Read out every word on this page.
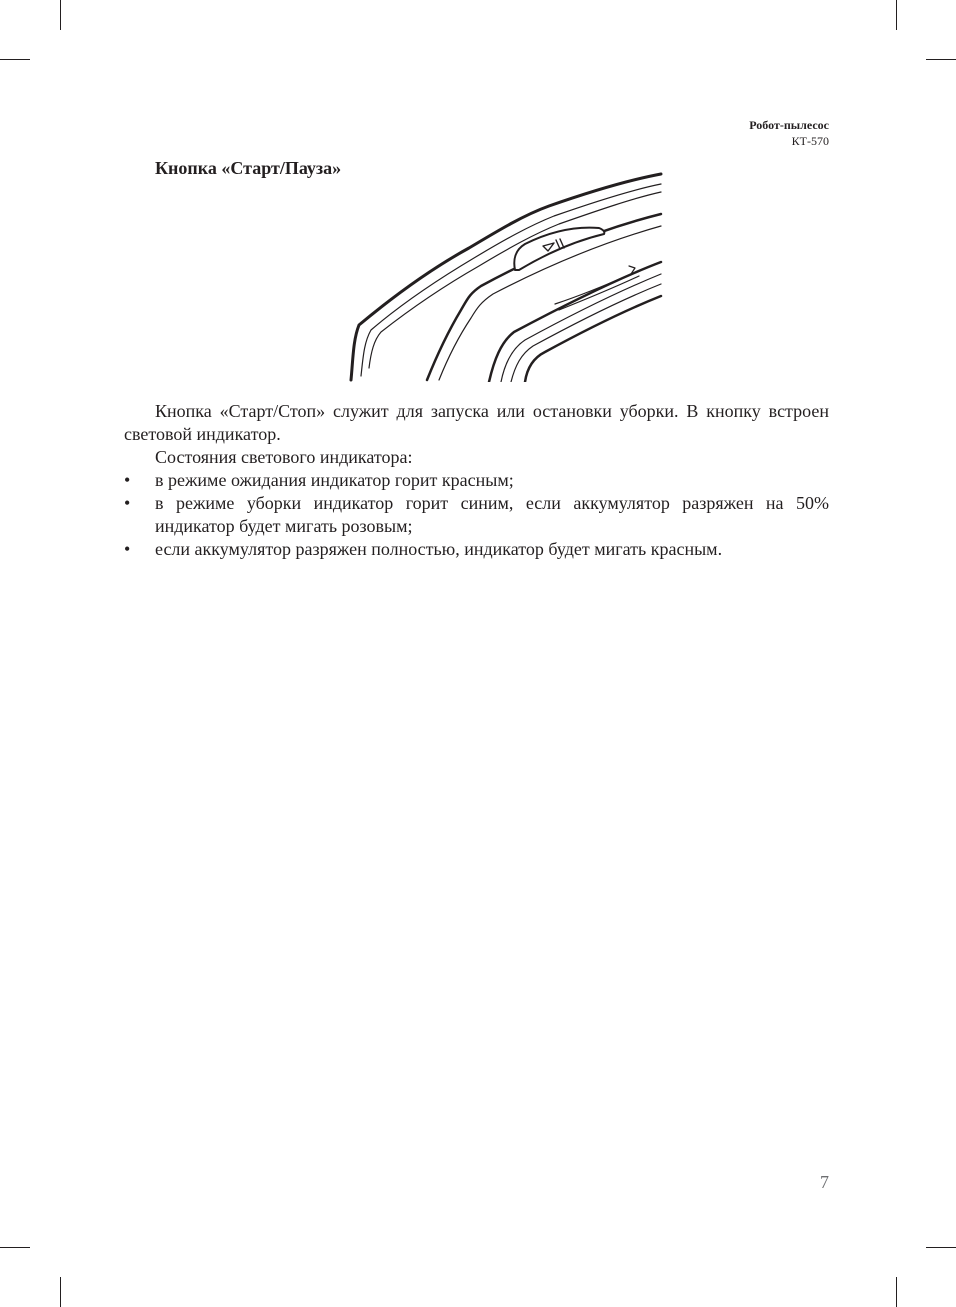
Робот-пылесос
КТ-570
Кнопка «Старт/Пауза»

Кнопка «Старт/Стоп» служит для запуска или остановки уборки. В кнопку встроен световой индикатор.

Состояния светового индикатора:

• в режиме ожидания индикатор горит красным;
• в режиме уборки индикатор горит синим, если аккумулятор разряжен на 50% индикатор будет мигать розовым;
• если аккумулятор разряжен полностью, индикатор будет мигать красным.
7
